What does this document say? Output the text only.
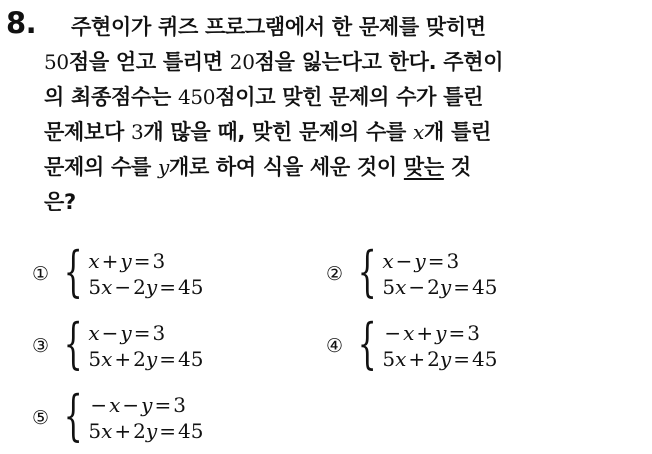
8.	주현이가 퀴즈 프로그램에서 한 문제를 맞히면
50점을 얻고 틀리면 20점을 잃는다고 한다. 주현이
의 최종점수는 450점이고 맞힌 문제의 수가 틀린
문제보다 3개 많을 때, 맞힌 문제의 수를 x개 틀린
문제의 수를 y개로 하여 식을 세운 것이 맞는 것
은?
① { x + y = 3
5x − 2y = 45
② { x − y = 3
5x − 2y = 45
③ { x − y = 3
5x + 2y = 45
④ { − x + y = 3
5x + 2y = 45
⑤ { − x − y = 3
5x + 2y = 45
